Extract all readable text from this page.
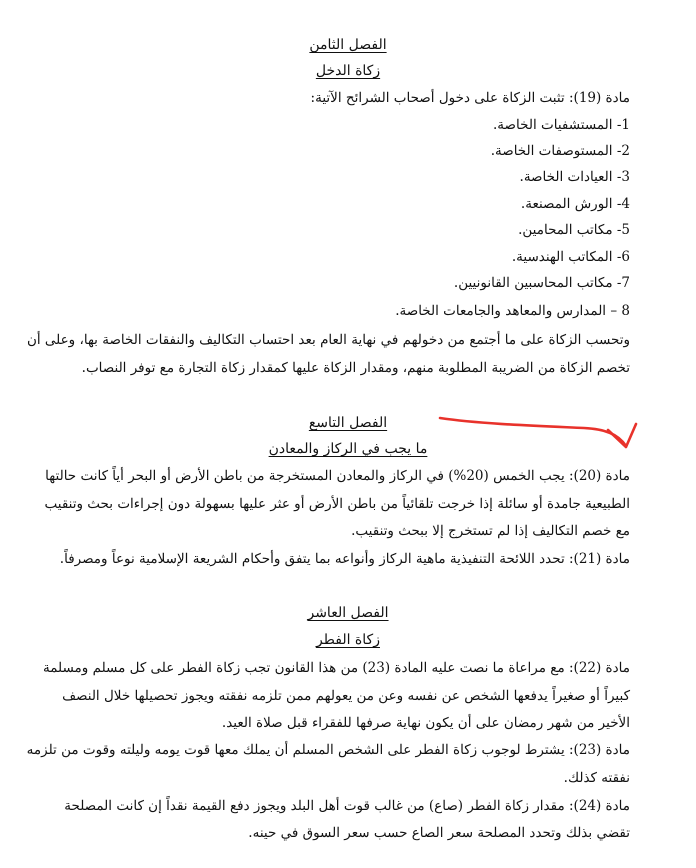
الفصل الثامن
زكاة الدخل
مادة (19): تثبت الزكاة على دخول أصحاب الشرائح الآتية:
1- المستشفيات الخاصة.
2- المستوصفات الخاصة.
3- العيادات الخاصة.
4- الورش المصنعة.
5- مكاتب المحامين.
6- المكاتب الهندسية.
7- مكاتب المحاسبين القانونيين.
8 – المدارس والمعاهد والجامعات الخاصة.
وتحسب الزكاة على ما أجتمع من دخولهم في نهاية العام بعد احتساب التكاليف والنفقات الخاصة بها، وعلى أن
تخصم الزكاة من الضريبة المطلوبة منهم، ومقدار الزكاة عليها كمقدار زكاة التجارة مع توفر النصاب.
الفصل التاسع
ما يجب في الركاز والمعادن
مادة (20): يجب الخمس (20%) في الركاز والمعادن المستخرجة من باطن الأرض أو البحر أياً كانت حالتها
الطبيعية جامدة أو سائلة إذا خرجت تلقائياً من باطن الأرض أو عثر عليها بسهولة دون إجراءات بحث وتنقيب
مع خصم التكاليف إذا لم تستخرج إلا ببحث وتنقيب.
مادة (21): تحدد اللائحة التنفيذية ماهية الركاز وأنواعه بما يتفق وأحكام الشريعة الإسلامية نوعاً ومصرفاً.
الفصل العاشر
زكاة الفطر
مادة (22): مع مراعاة ما نصت عليه المادة (23) من هذا القانون تجب زكاة الفطر على كل مسلم ومسلمة
كبيراً أو صغيراً يدفعها الشخص عن نفسه وعن من يعولهم ممن تلزمه نفقته ويجوز تحصيلها خلال النصف
الأخير من شهر رمضان على أن يكون نهاية صرفها للفقراء قبل صلاة العيد.
مادة (23): يشترط لوجوب زكاة الفطر على الشخص المسلم أن يملك معها قوت يومه وليلته وقوت من تلزمه
نفقته كذلك.
مادة (24): مقدار زكاة الفطر (صاع) من غالب قوت أهل البلد ويجوز دفع القيمة نقداً إن كانت المصلحة
تقضي بذلك وتحدد المصلحة سعر الصاع حسب سعر السوق في حينه.
